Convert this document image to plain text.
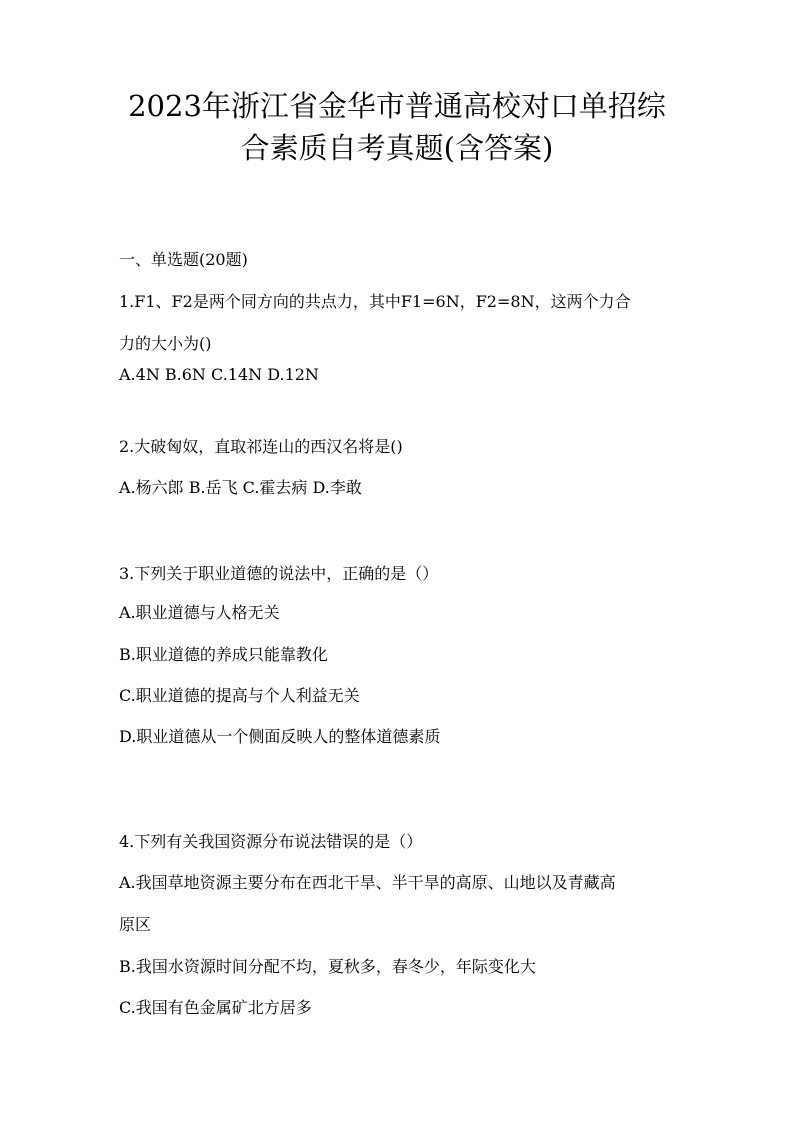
2023年浙江省金华市普通高校对口单招综
合素质自考真题(含答案)
一、单选题(20题)
1.F1、F2是两个同方向的共点力，其中F1=6N，F2=8N，这两个力合
力的大小为()
A.4N B.6N C.14N D.12N
2.大破匈奴，直取祁连山的西汉名将是()
A.杨六郎 B.岳飞 C.霍去病 D.李敢
3.下列关于职业道德的说法中，正确的是（）
A.职业道德与人格无关
B.职业道德的养成只能靠教化
C.职业道德的提高与个人利益无关
D.职业道德从一个侧面反映人的整体道德素质
4.下列有关我国资源分布说法错误的是（）
A.我国草地资源主要分布在西北干旱、半干旱的高原、山地以及青藏高
原区
B.我国水资源时间分配不均，夏秋多，春冬少，年际变化大
C.我国有色金属矿北方居多
